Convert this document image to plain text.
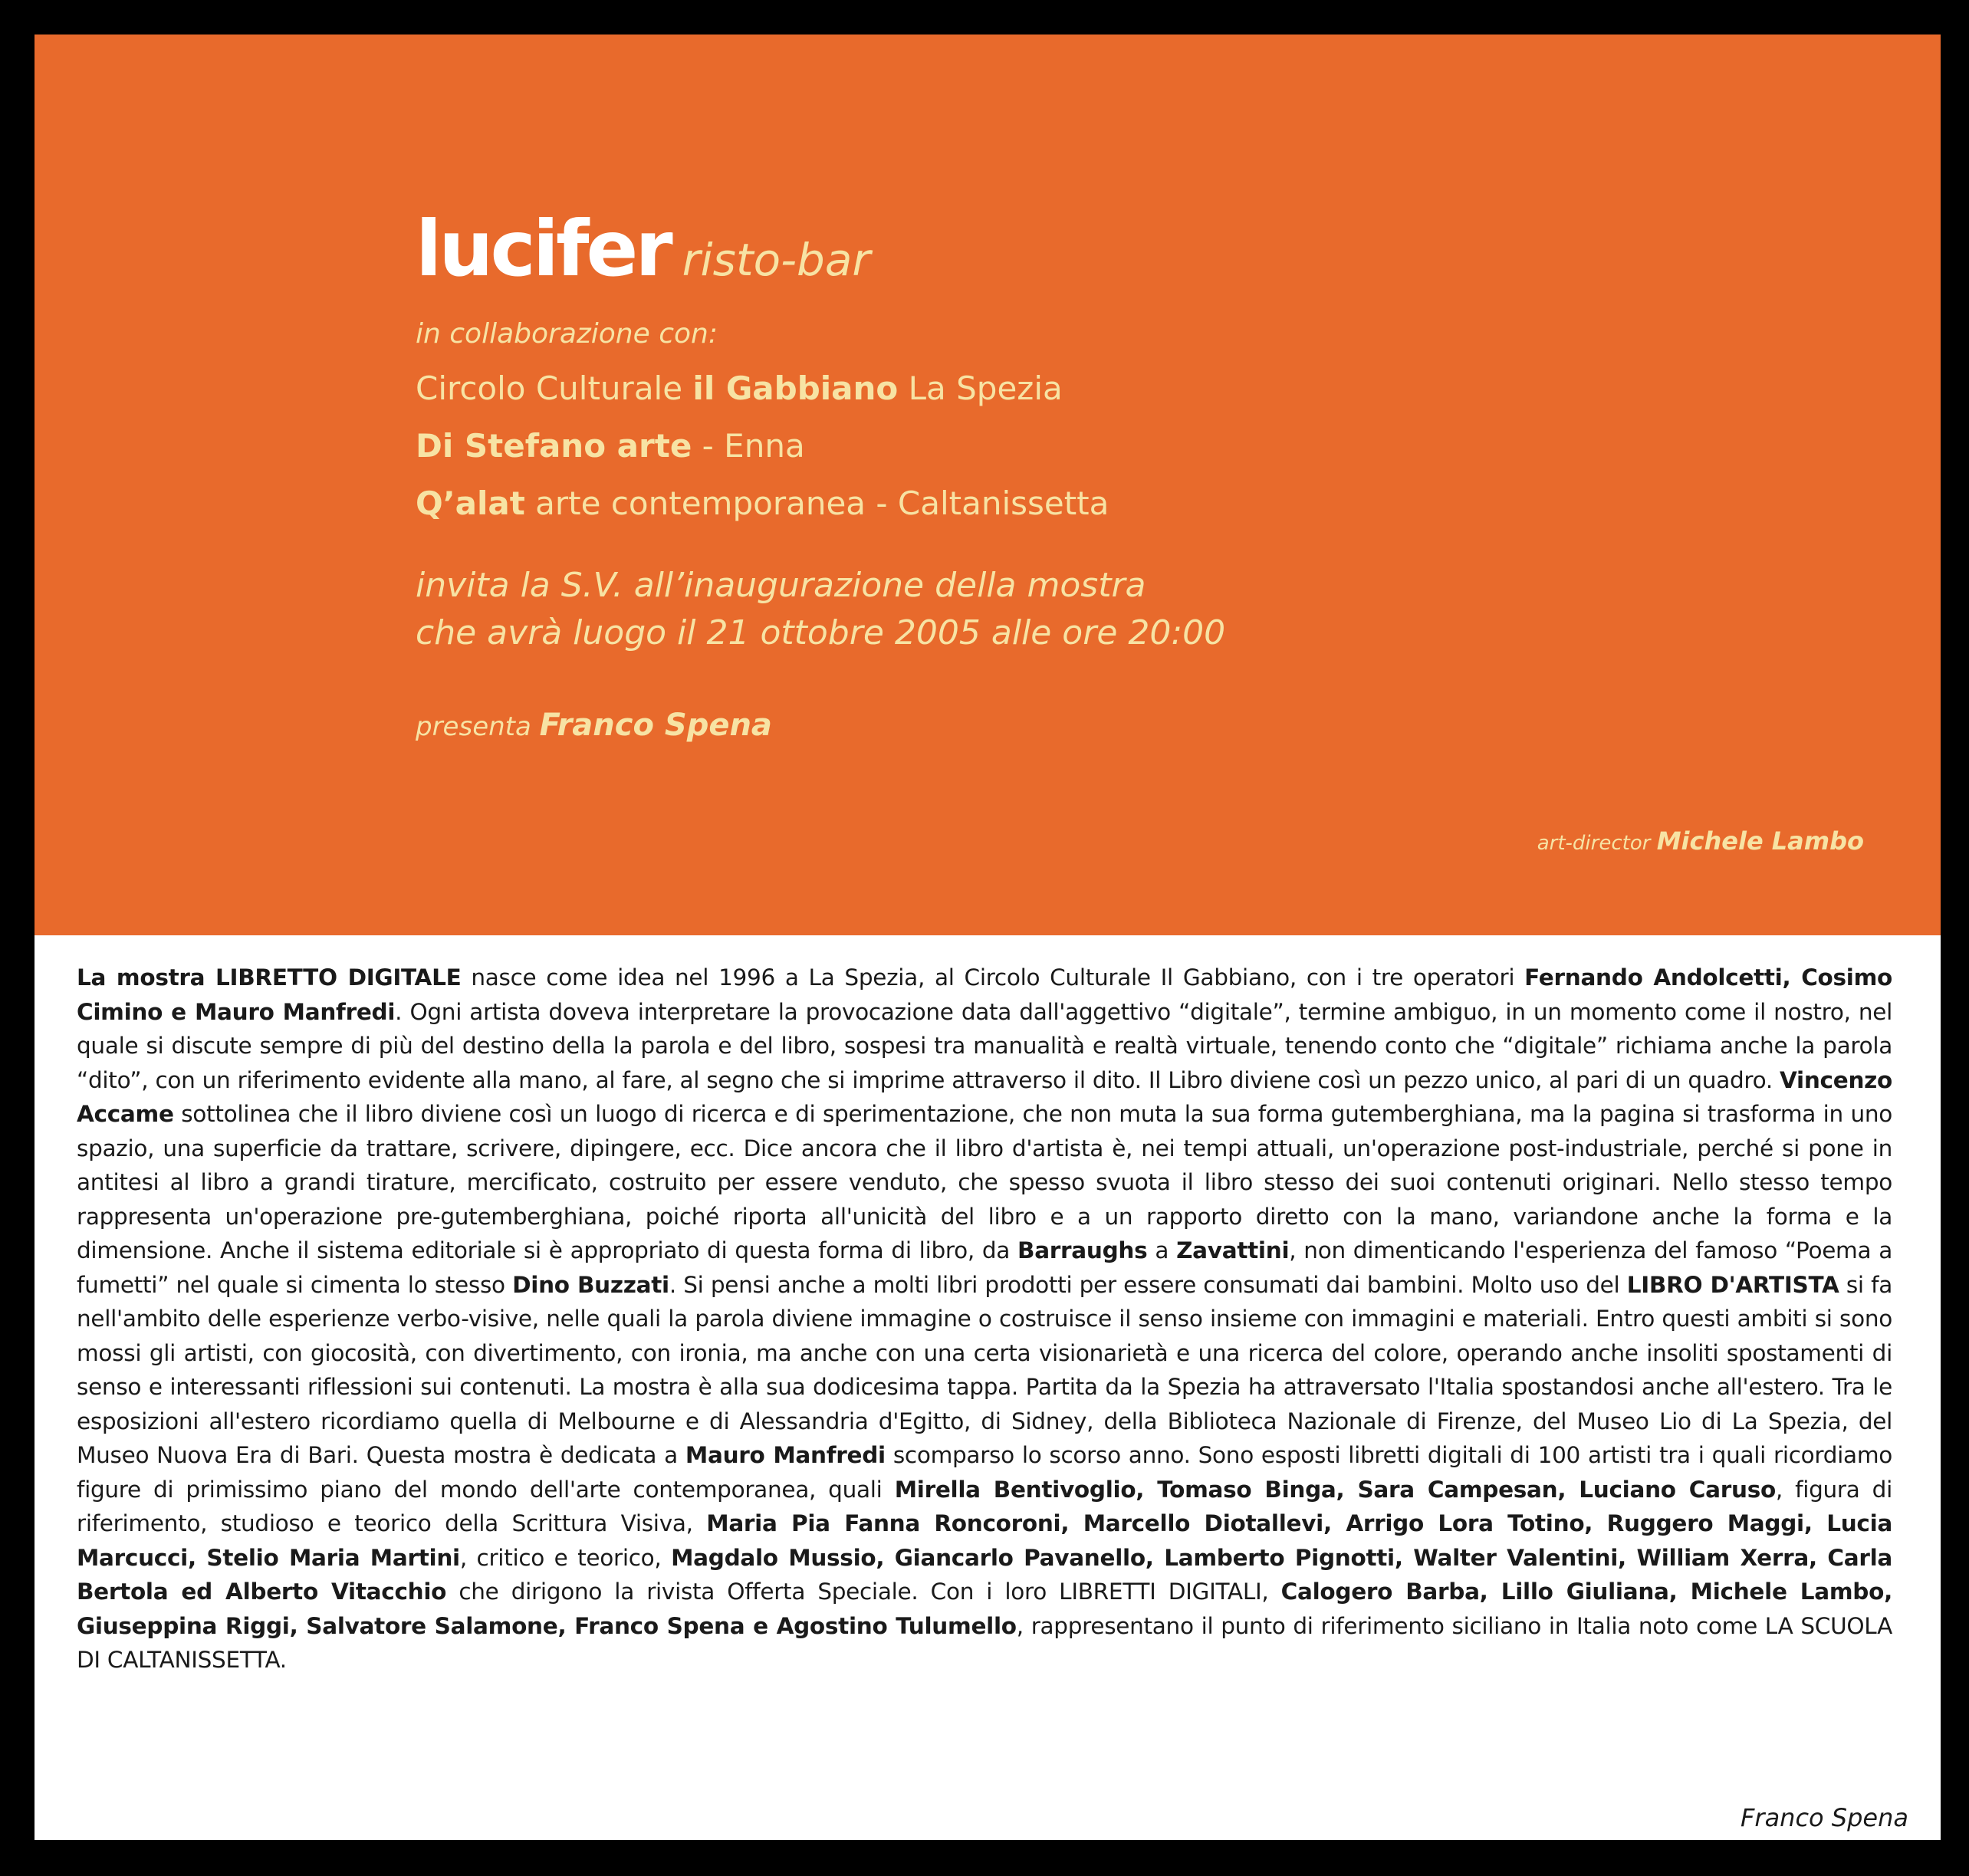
lucifer risto-bar
in collaborazione con:
Circolo Culturale il Gabbiano La Spezia
Di Stefano arte - Enna
Q’alat arte contemporanea - Caltanissetta
invita la S.V. all’inaugurazione della mostra
che avrà luogo il 21 ottobre 2005 alle ore 20:00
presenta Franco Spena
art-director Michele Lambo

La mostra LIBRETTO DIGITALE nasce come idea nel 1996 a La Spezia, al Circolo Culturale Il Gabbiano, con i tre operatori Fernando Andolcetti, Cosimo Cimino e Mauro Manfredi. Ogni artista doveva interpretare la provocazione data dall'aggettivo “digitale”, termine ambiguo, in un momento come il nostro, nel quale si discute sempre di più del destino della la parola e del libro, sospesi tra manualità e realtà virtuale, tenendo conto che “digitale” richiama anche la parola “dito”, con un riferimento evidente alla mano, al fare, al segno che si imprime attraverso il dito. Il Libro diviene così un pezzo unico, al pari di un quadro. Vincenzo Accame sottolinea che il libro diviene così un luogo di ricerca e di sperimentazione, che non muta la sua forma gutemberghiana, ma la pagina si trasforma in uno spazio, una superficie da trattare, scrivere, dipingere, ecc. Dice ancora che il libro d'artista è, nei tempi attuali, un'operazione post-industriale, perché si pone in antitesi al libro a grandi tirature, mercificato, costruito per essere venduto, che spesso svuota il libro stesso dei suoi contenuti originari. Nello stesso tempo rappresenta un'operazione pre-gutemberghiana, poiché riporta all'unicità del libro e a un rapporto diretto con la mano, variandone anche la forma e la dimensione. Anche il sistema editoriale si è appropriato di questa forma di libro, da Barraughs a Zavattini, non dimenticando l'esperienza del famoso “Poema a fumetti” nel quale si cimenta lo stesso Dino Buzzati. Si pensi anche a molti libri prodotti per essere consumati dai bambini. Molto uso del LIBRO D'ARTISTA si fa nell'ambito delle esperienze verbo-visive, nelle quali la parola diviene immagine o costruisce il senso insieme con immagini e materiali. Entro questi ambiti si sono mossi gli artisti, con giocosità, con divertimento, con ironia, ma anche con una certa visionarietà e una ricerca del colore, operando anche insoliti spostamenti di senso e interessanti riflessioni sui contenuti. La mostra è alla sua dodicesima tappa. Partita da la Spezia ha attraversato l'Italia spostandosi anche all'estero. Tra le esposizioni all'estero ricordiamo quella di Melbourne e di Alessandria d'Egitto, di Sidney, della Biblioteca Nazionale di Firenze, del Museo Lio di La Spezia, del Museo Nuova Era di Bari. Questa mostra è dedicata a Mauro Manfredi scomparso lo scorso anno. Sono esposti libretti digitali di 100 artisti tra i quali ricordiamo figure di primissimo piano del mondo dell'arte contemporanea, quali Mirella Bentivoglio, Tomaso Binga, Sara Campesan, Luciano Caruso, figura di riferimento, studioso e teorico della Scrittura Visiva, Maria Pia Fanna Roncoroni, Marcello Diotallevi, Arrigo Lora Totino, Ruggero Maggi, Lucia Marcucci, Stelio Maria Martini, critico e teorico, Magdalo Mussio, Giancarlo Pavanello, Lamberto Pignotti, Walter Valentini, William Xerra, Carla Bertola ed Alberto Vitacchio che dirigono la rivista Offerta Speciale. Con i loro LIBRETTI DIGITALI, Calogero Barba, Lillo Giuliana, Michele Lambo, Giuseppina Riggi, Salvatore Salamone, Franco Spena e Agostino Tulumello, rappresentano il punto di riferimento siciliano in Italia noto come LA SCUOLA DI CALTANISSETTA.

Franco Spena
